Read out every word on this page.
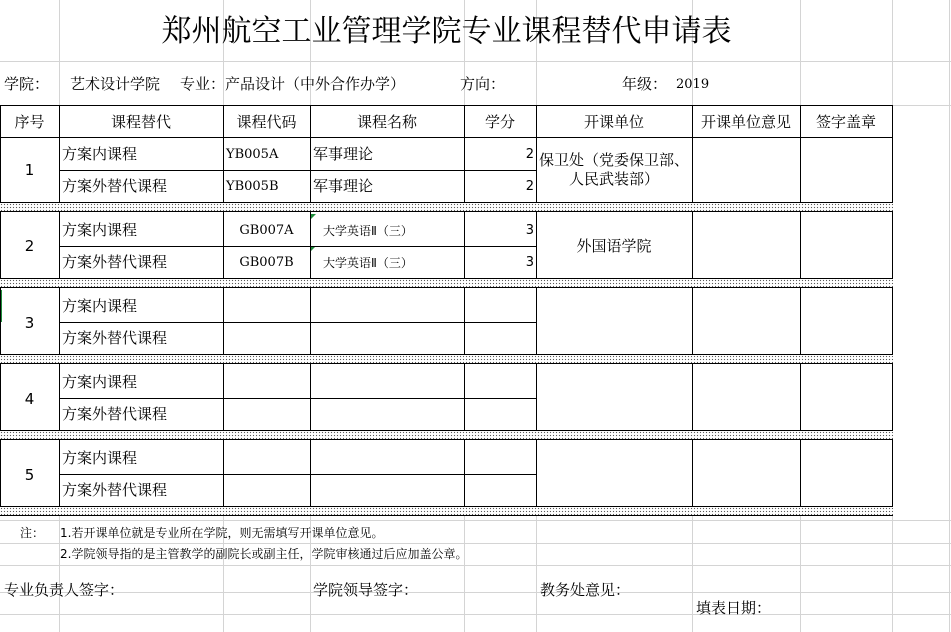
郑州航空工业管理学院专业课程替代申请表
学院： 艺术设计学院 专业： 产品设计（中外合作办学）	方向：	年级： 2019
序号	课程替代	课程代码	课程名称	学分	开课单位	开课单位意见	签字盖章
1
方案内课程	YB005A 军事理论	2
方案外替代课程	YB005B 军事理论	2
保卫处（党委保卫部、人民武装部）
2
方案内课程	GB007A	大学英语Ⅱ（三）	3
方案外替代课程	GB007B	大学英语Ⅱ（三）	3
外国语学院
3
方案内课程
方案外替代课程
4
方案内课程
方案外替代课程
5
方案内课程
方案外替代课程
注： 1.若开课单位就是专业所在学院，则无需填写开课单位意见。
2.学院领导指的是主管教学的副院长或副主任，学院审核通过后应加盖公章。
专业负责人签字：	学院领导签字：	教务处意见：
填表日期：
